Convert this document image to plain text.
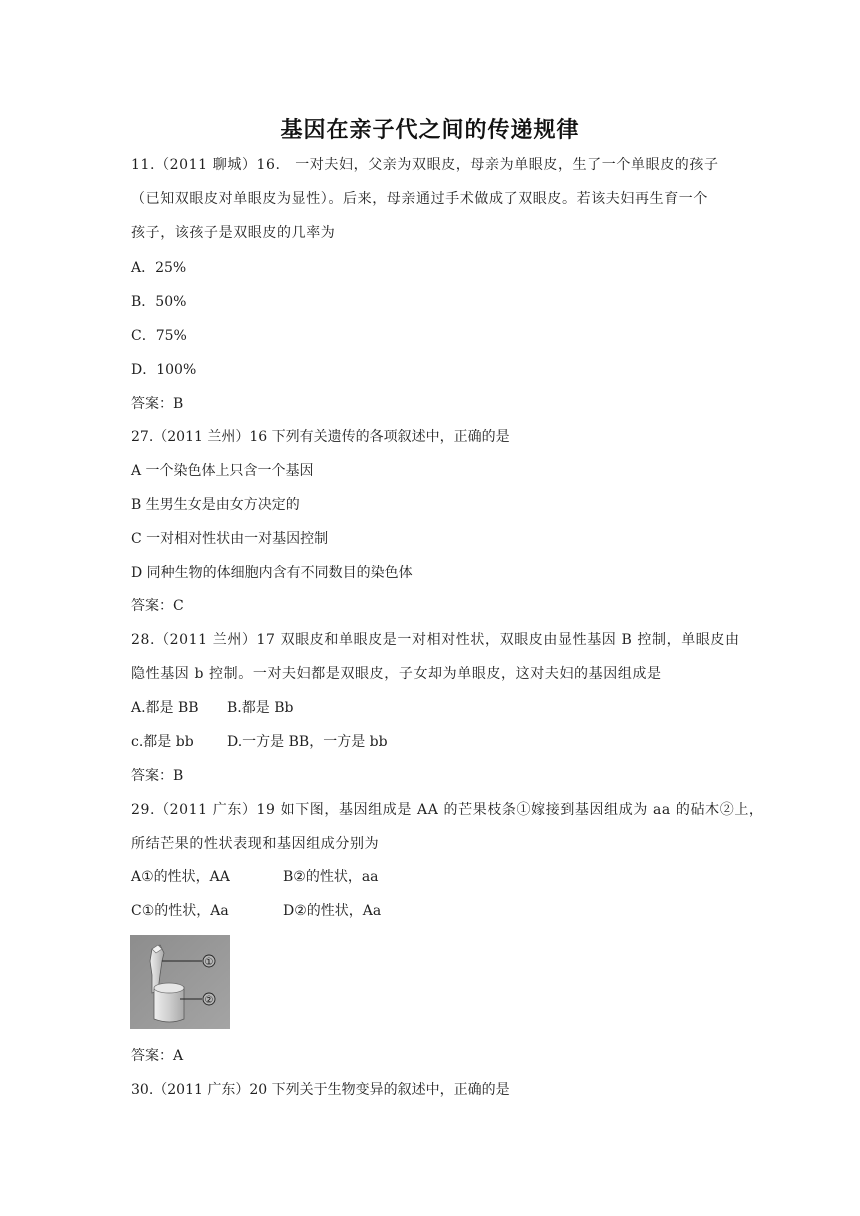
基因在亲子代之间的传递规律
11.（2011 聊城）16.　一对夫妇，父亲为双眼皮，母亲为单眼皮，生了一个单眼皮的孩子
（已知双眼皮对单眼皮为显性）。后来，母亲通过手术做成了双眼皮。若该夫妇再生育一个
孩子，该孩子是双眼皮的几率为
A．25%
B．50%
C．75%
D．100%
答案：B
27.（2011 兰州）16 下列有关遗传的各项叙述中，正确的是
A 一个染色体上只含一个基因
B 生男生女是由女方决定的
C 一对相对性状由一对基因控制
D 同种生物的体细胞内含有不同数目的染色体
答案：C
28.（2011 兰州）17 双眼皮和单眼皮是一对相对性状，双眼皮由显性基因 B 控制，单眼皮由
隐性基因 b 控制。一对夫妇都是双眼皮，子女却为单眼皮，这对夫妇的基因组成是
A.都是 BB B.都是 Bb
c.都是 bb D.一方是 BB，一方是 bb
答案：B
29.（2011 广东）19 如下图，基因组成是 AA 的芒果枝条①嫁接到基因组成为 aa 的砧木②上，
所结芒果的性状表现和基因组成分别为
A①的性状，AA	B②的性状，aa
C①的性状，Aa	D②的性状，Aa
①
②
答案：A
30.（2011 广东）20 下列关于生物变异的叙述中，正确的是
